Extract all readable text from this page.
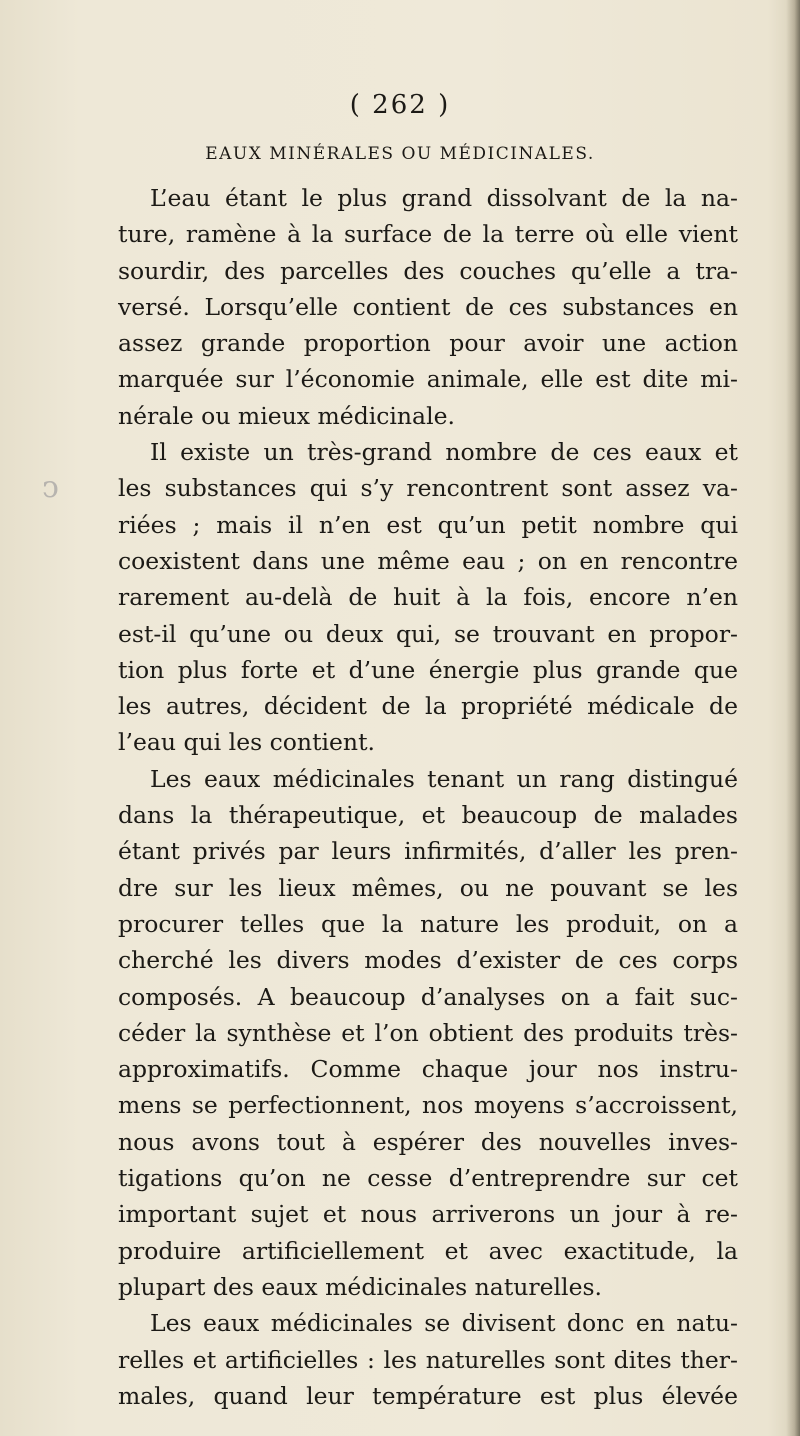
ↄ
( 262 )
EAUX MINÉRALES OU MÉDICINALES.
L’eau étant le plus grand dissolvant de la na-
ture, ramène à la surface de la terre où elle vient
sourdir, des parcelles des couches qu’elle a tra-
versé. Lorsqu’elle contient de ces substances en
assez grande proportion pour avoir une action
marquée sur l’économie animale, elle est dite mi-
nérale ou mieux médicinale.
Il existe un très-grand nombre de ces eaux et
les substances qui s’y rencontrent sont assez va-
riées ; mais il n’en est qu’un petit nombre qui
coexistent dans une même eau ; on en rencontre
rarement au-delà de huit à la fois, encore n’en
est-il qu’une ou deux qui, se trouvant en propor-
tion plus forte et d’une énergie plus grande que
les autres, décident de la propriété médicale de
l’eau qui les contient.
Les eaux médicinales tenant un rang distingué
dans la thérapeutique, et beaucoup de malades
étant privés par leurs infirmités, d’aller les pren-
dre sur les lieux mêmes, ou ne pouvant se les
procurer telles que la nature les produit, on a
cherché les divers modes d’exister de ces corps
composés. A beaucoup d’analyses on a fait suc-
céder la synthèse et l’on obtient des produits très-
approximatifs. Comme chaque jour nos instru-
mens se perfectionnent, nos moyens s’accroissent,
nous avons tout à espérer des nouvelles inves-
tigations qu’on ne cesse d’entreprendre sur cet
important sujet et nous arriverons un jour à re-
produire artificiellement et avec exactitude, la
plupart des eaux médicinales naturelles.
Les eaux médicinales se divisent donc en natu-
relles et artificielles : les naturelles sont dites ther-
males, quand leur température est plus élevée
